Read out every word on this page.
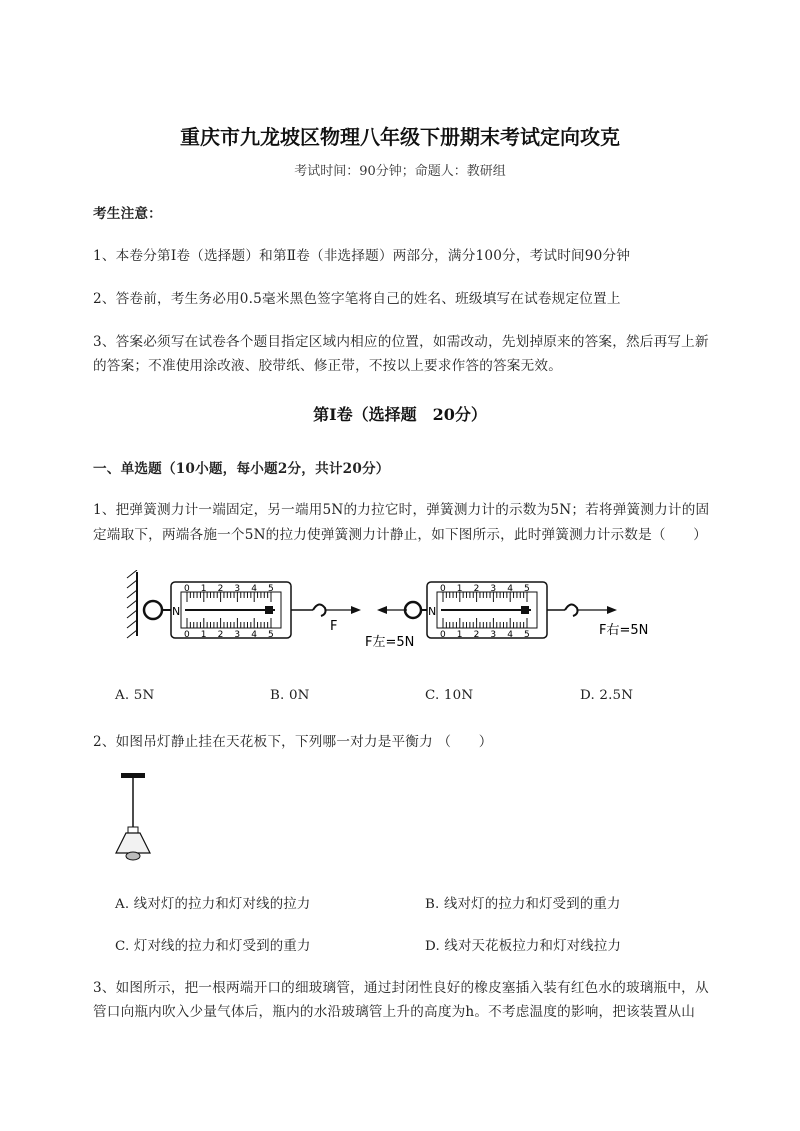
重庆市九龙坡区物理八年级下册期末考试定向攻克
考试时间：90分钟；命题人：教研组
考生注意：
1、本卷分第I卷（选择题）和第Ⅱ卷（非选择题）两部分，满分100分，考试时间90分钟
2、答卷前，考生务必用0.5毫米黑色签字笔将自己的姓名、班级填写在试卷规定位置上
3、答案必须写在试卷各个题目指定区域内相应的位置，如需改动，先划掉原来的答案，然后再写上新
的答案；不准使用涂改液、胶带纸、修正带，不按以上要求作答的答案无效。
第I卷（选择题　20分）
一、单选题（10小题，每小题2分，共计20分）
1、把弹簧测力计一端固定，另一端用5N的力拉它时，弹簧测力计的示数为5N；若将弹簧测力计的固
定端取下，两端各施一个5N的拉力使弹簧测力计静止，如下图所示，此时弹簧测力计示数是（　　）
0
0
1
1
2
2
3
3
4
4
5
5
N
F
0
0
1
1
2
2
3
3
4
4
5
5
N
F左=5N
F右=5N
A. 5N	B. 0N	C. 10N	D. 2.5N
2、如图吊灯静止挂在天花板下，下列哪一对力是平衡力 （　　）
A. 线对灯的拉力和灯对线的拉力	B. 线对灯的拉力和灯受到的重力
C. 灯对线的拉力和灯受到的重力	D. 线对天花板拉力和灯对线拉力
3、如图所示，把一根两端开口的细玻璃管，通过封闭性良好的橡皮塞插入装有红色水的玻璃瓶中，从
管口向瓶内吹入少量气体后，瓶内的水沿玻璃管上升的高度为h。不考虑温度的影响，把该装置从山
